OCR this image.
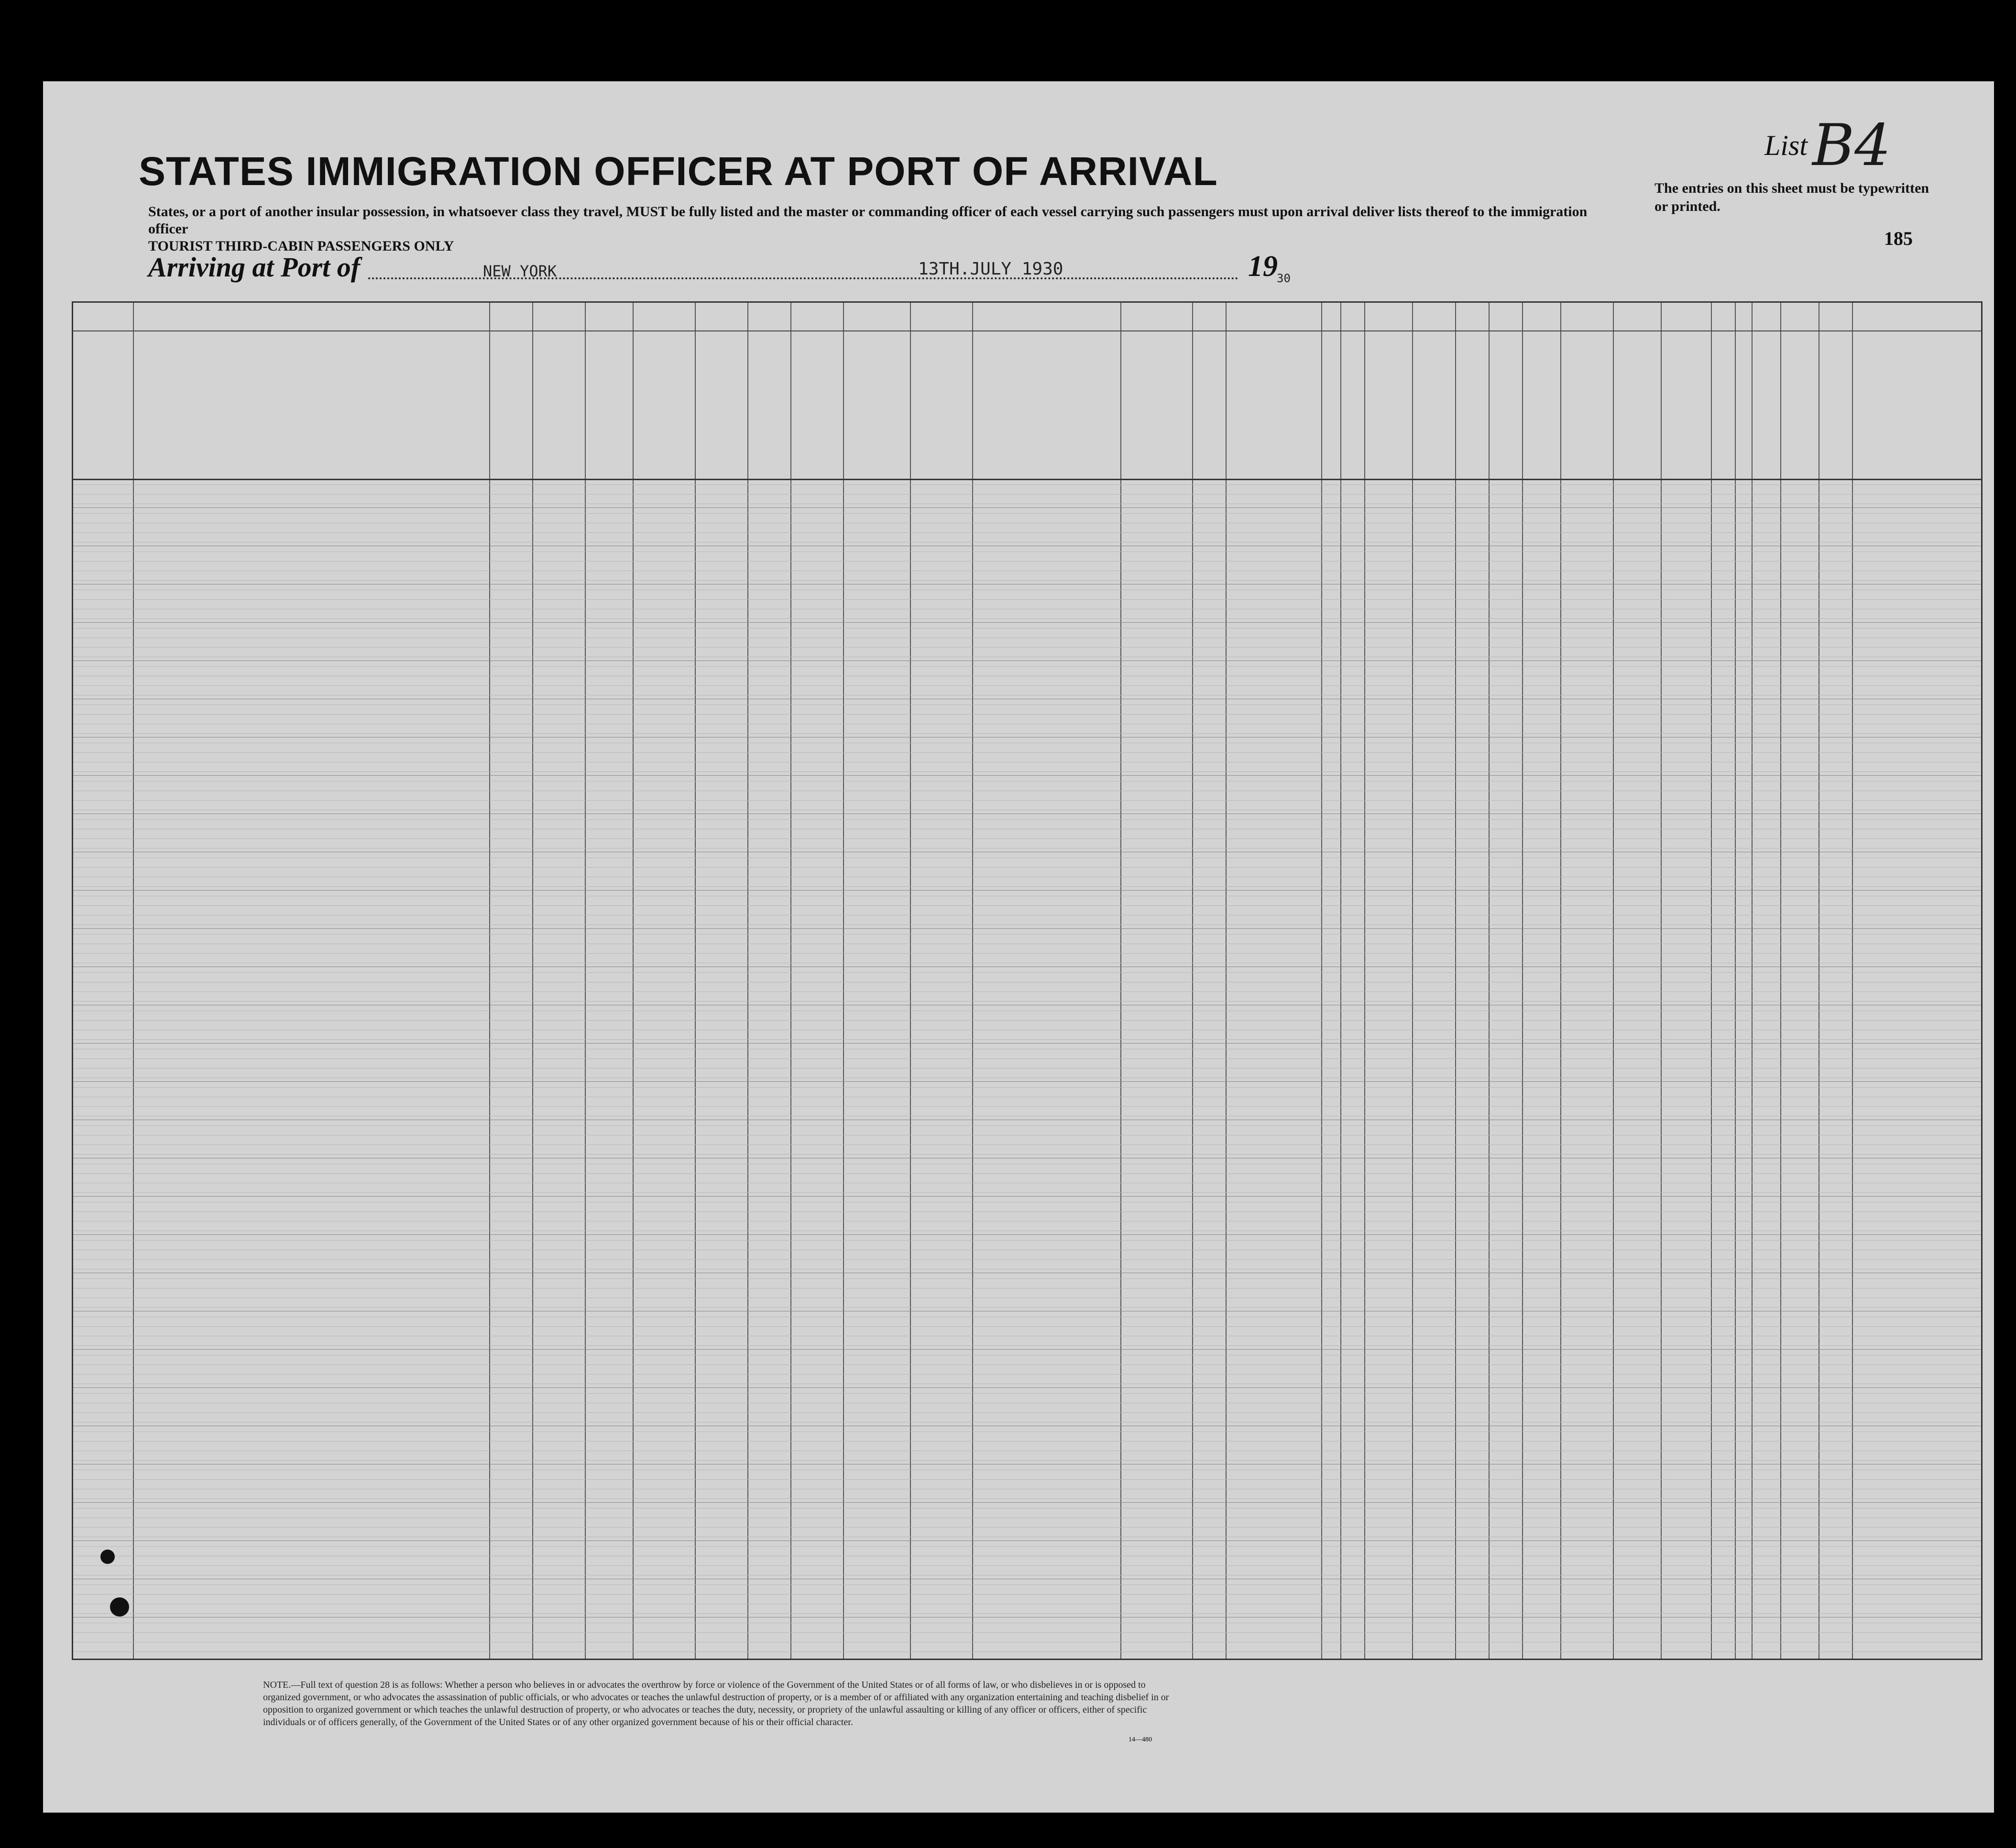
STATES IMMIGRATION OFFICER AT PORT OF ARRIVAL
States, or a port of another insular possession, in whatsoever class they travel, MUST be fully listed and the master or commanding officer of each vessel carrying such passengers must upon arrival deliver lists thereof to the immigration officer
TOURIST THIRD-CABIN PASSENGERS ONLY
Arriving at Port of	NEW YORK	13TH.JULY 1930	19
30
List B4
The entries on this sheet must be typewritten or printed.
185
NOTE.—Full text of question 28 is as follows: Whether a person who believes in or advocates the overthrow by force or violence of the Government of the United States or of all forms of law, or who disbelieves in or is opposed to organized government, or who advocates the assassination of public officials, or who advocates or teaches the unlawful destruction of property, or is a member of or affiliated with any organization entertaining and teaching disbelief in or opposition to organized government or which teaches the unlawful destruction of property, or who advocates or teaches the duty, necessity, or propriety of the unlawful assaulting or killing of any officer or officers, either of specific individuals or of officers generally, of the Government of the United States or of any other organized government because of his or their official character.
14—480
